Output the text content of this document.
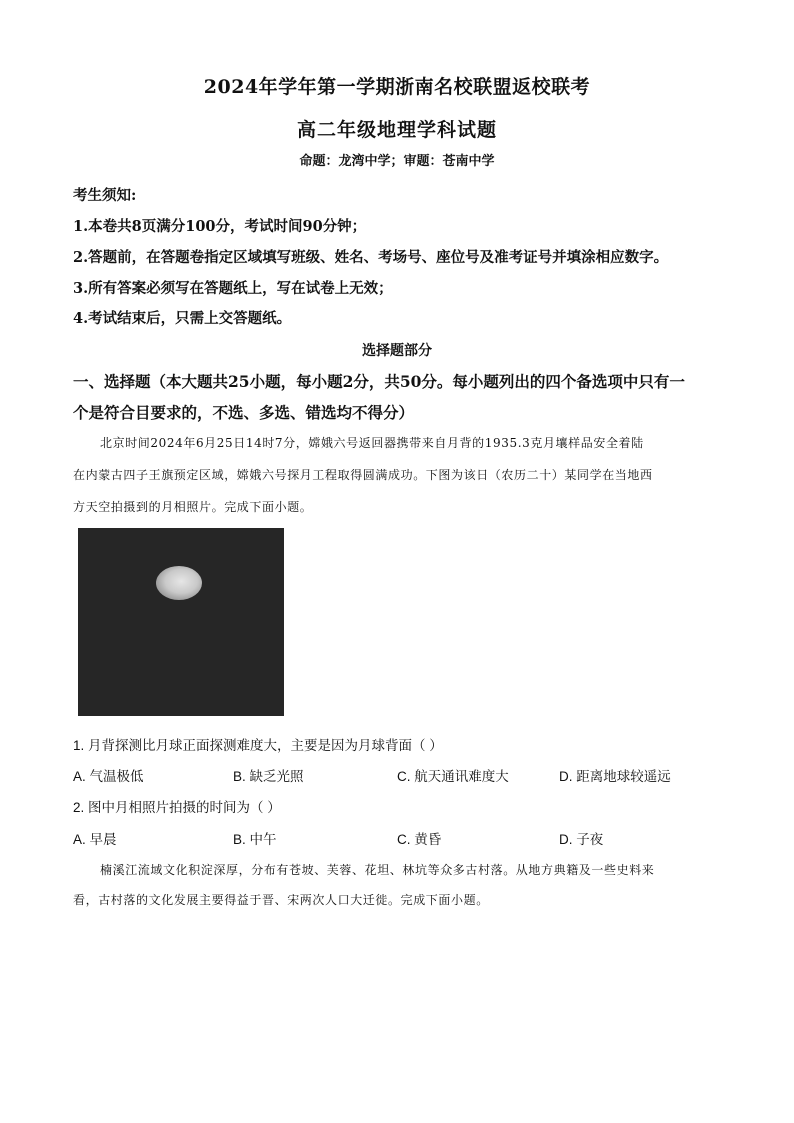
2024年学年第一学期浙南名校联盟返校联考
高二年级地理学科试题
命题：龙湾中学；审题：苍南中学
考生须知:
1.本卷共8页满分100分，考试时间90分钟；
2.答题前，在答题卷指定区域填写班级、姓名、考场号、座位号及准考证号并填涂相应数字。
3.所有答案必须写在答题纸上，写在试卷上无效；
4.考试结束后，只需上交答题纸。
选择题部分
一、选择题（本大题共25小题，每小题2分，共50分。每小题列出的四个备选项中只有一
个是符合目要求的，不选、多选、错选均不得分）
北京时间2024年6月25日14时7分，嫦娥六号返回器携带来自月背的1935.3克月壤样品安全着陆
在内蒙古四子王旗预定区域，嫦娥六号探月工程取得圆满成功。下图为该日（农历二十）某同学在当地西
方天空拍摄到的月相照片。完成下面小题。
1. 月背探测比月球正面探测难度大，主要是因为月球背面（ ）
A. 气温极低	B. 缺乏光照	C. 航天通讯难度大	D. 距离地球较遥远
2. 图中月相照片拍摄的时间为（ ）
A. 早晨	B. 中午	C. 黄昏	D. 子夜
楠溪江流域文化积淀深厚，分布有苍坡、芙蓉、花坦、林坑等众多古村落。从地方典籍及一些史料来
看，古村落的文化发展主要得益于晋、宋两次人口大迁徙。完成下面小题。
